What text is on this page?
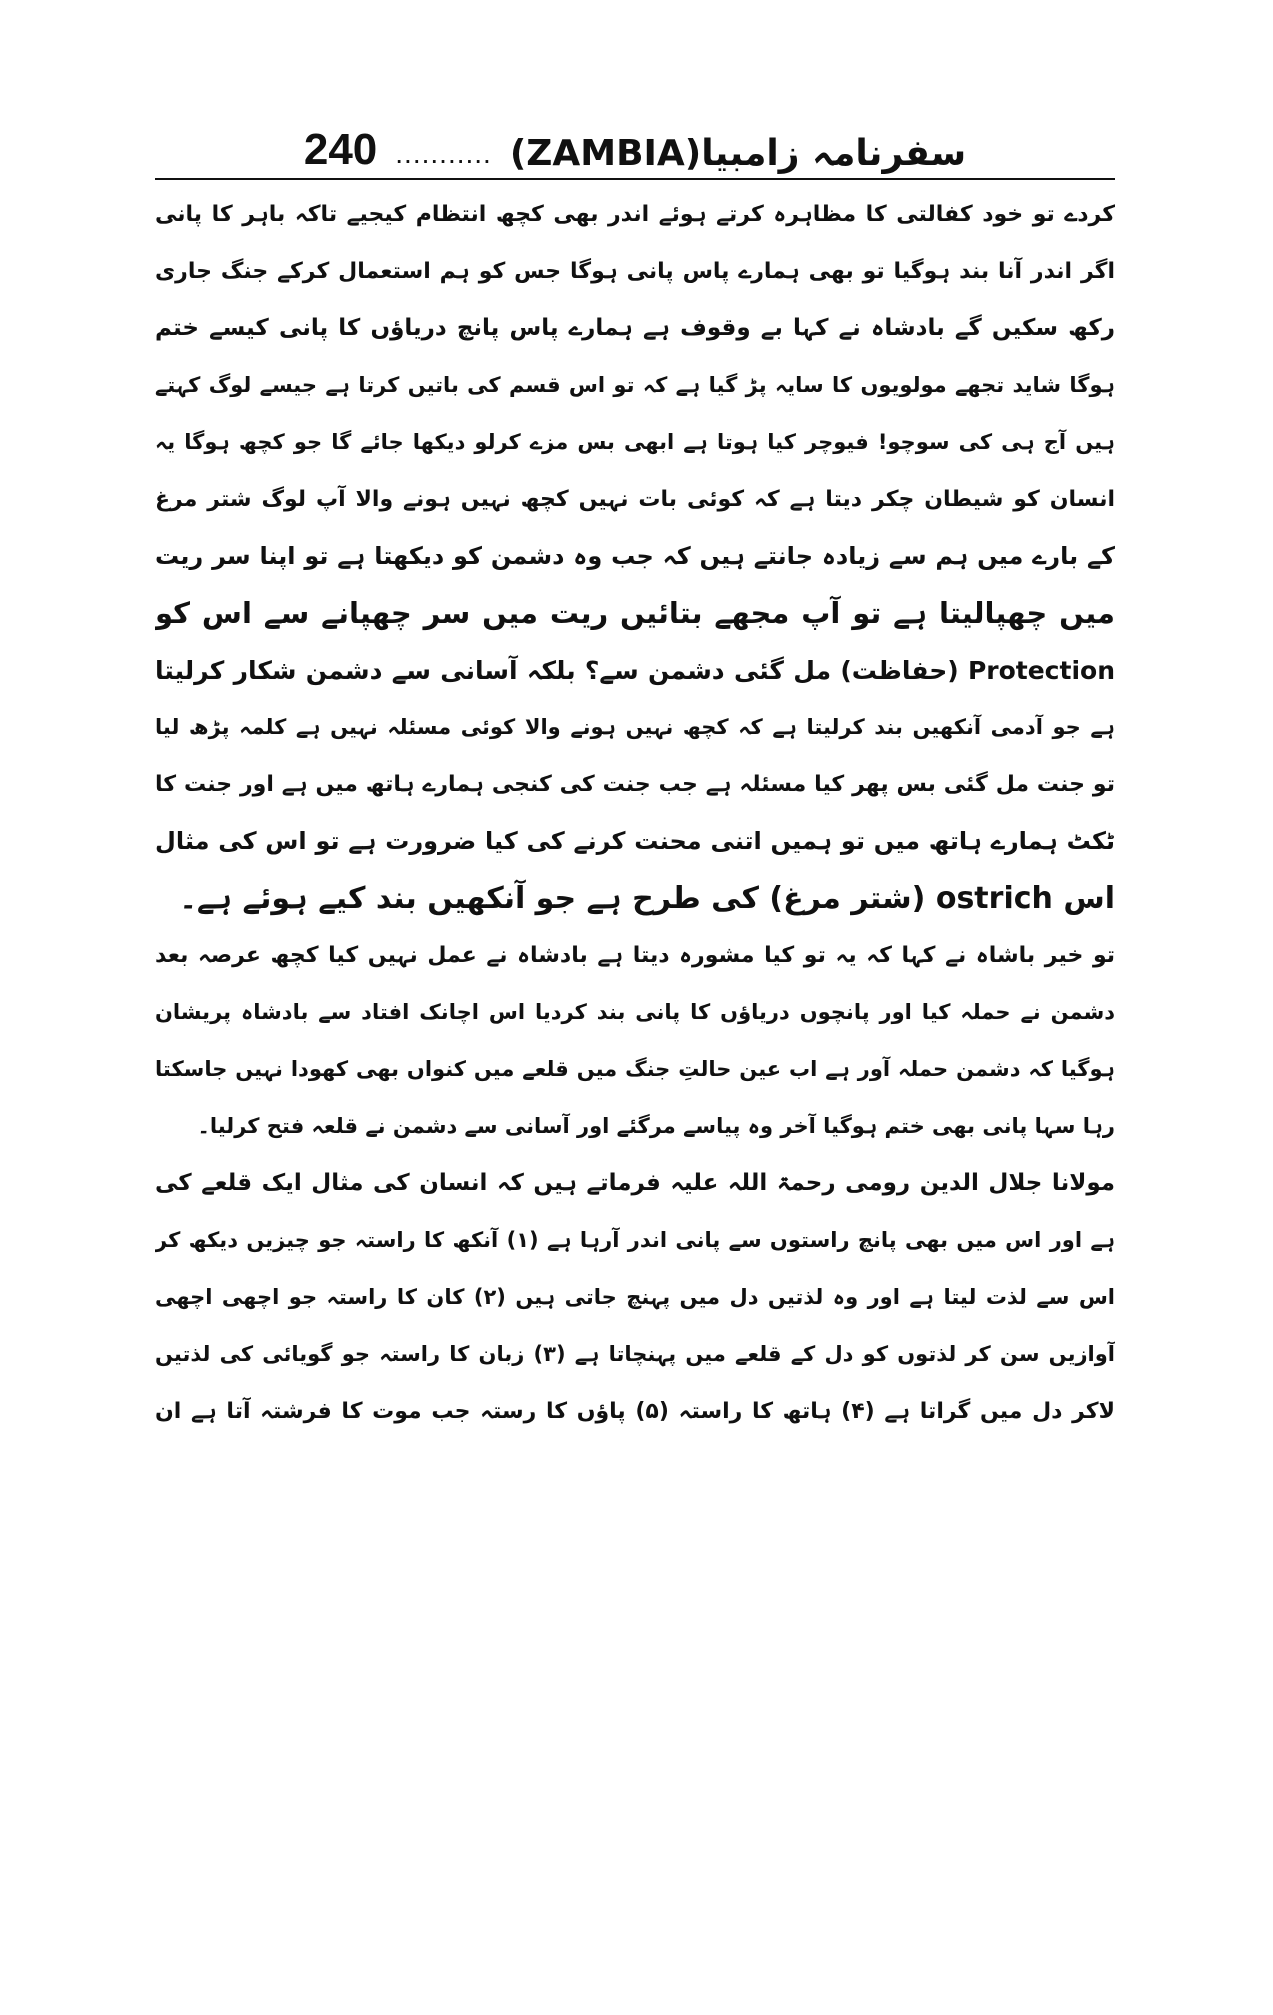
240 ........... سفرنامہ زامبیا(ZAMBIA)
کردے تو خود کفالتی کا مظاہرہ کرتے ہوئے اندر بھی کچھ انتظام کیجیے تاکہ باہر کا پانی
اگر اندر آنا بند ہوگیا تو بھی ہمارے پاس پانی ہوگا جس کو ہم استعمال کرکے جنگ جاری
رکھ سکیں گے بادشاہ نے کہا بے وقوف ہے ہمارے پاس پانچ دریاؤں کا پانی کیسے ختم
ہوگا شاید تجھے مولویوں کا سایہ پڑ گیا ہے کہ تو اس قسم کی باتیں کرتا ہے جیسے لوگ کہتے
ہیں آج ہی کی سوچو! فیوچر کیا ہوتا ہے ابھی بس مزے کرلو دیکھا جائے گا جو کچھ ہوگا یہ
انسان کو شیطان چکر دیتا ہے کہ کوئی بات نہیں کچھ نہیں ہونے والا آپ لوگ شتر مرغ
کے بارے میں ہم سے زیادہ جانتے ہیں کہ جب وہ دشمن کو دیکھتا ہے تو اپنا سر ریت
میں چھپالیتا ہے تو آپ مجھے بتائیں ریت میں سر چھپانے سے اس کو
Protection (حفاظت) مل گئی دشمن سے؟ بلکہ آسانی سے دشمن شکار کرلیتا
ہے جو آدمی آنکھیں بند کرلیتا ہے کہ کچھ نہیں ہونے والا کوئی مسئلہ نہیں ہے کلمہ پڑھ لیا
تو جنت مل گئی بس پھر کیا مسئلہ ہے جب جنت کی کنجی ہمارے ہاتھ میں ہے اور جنت کا
ٹکٹ ہمارے ہاتھ میں تو ہمیں اتنی محنت کرنے کی کیا ضرورت ہے تو اس کی مثال
اس ostrich (شتر مرغ) کی طرح ہے جو آنکھیں بند کیے ہوئے ہے۔
تو خیر باشاہ نے کہا کہ یہ تو کیا مشورہ دیتا ہے بادشاہ نے عمل نہیں کیا کچھ عرصہ بعد
دشمن نے حملہ کیا اور پانچوں دریاؤں کا پانی بند کردیا اس اچانک افتاد سے بادشاہ پریشان
ہوگیا کہ دشمن حملہ آور ہے اب عین حالتِ جنگ میں قلعے میں کنواں بھی کھودا نہیں جاسکتا
رہا سہا پانی بھی ختم ہوگیا آخر وہ پیاسے مرگئے اور آسانی سے دشمن نے قلعہ فتح کرلیا۔
مولانا جلال الدین رومی رحمۃ اللہ علیہ فرماتے ہیں کہ انسان کی مثال ایک قلعے کی
ہے اور اس میں بھی پانچ راستوں سے پانی اندر آرہا ہے (۱) آنکھ کا راستہ جو چیزیں دیکھ کر
اس سے لذت لیتا ہے اور وہ لذتیں دل میں پہنچ جاتی ہیں (۲) کان کا راستہ جو اچھی اچھی
آوازیں سن کر لذتوں کو دل کے قلعے میں پہنچاتا ہے (۳) زبان کا راستہ جو گویائی کی لذتیں
لاکر دل میں گراتا ہے (۴) ہاتھ کا راستہ (۵) پاؤں کا رستہ جب موت کا فرشتہ آتا ہے ان
